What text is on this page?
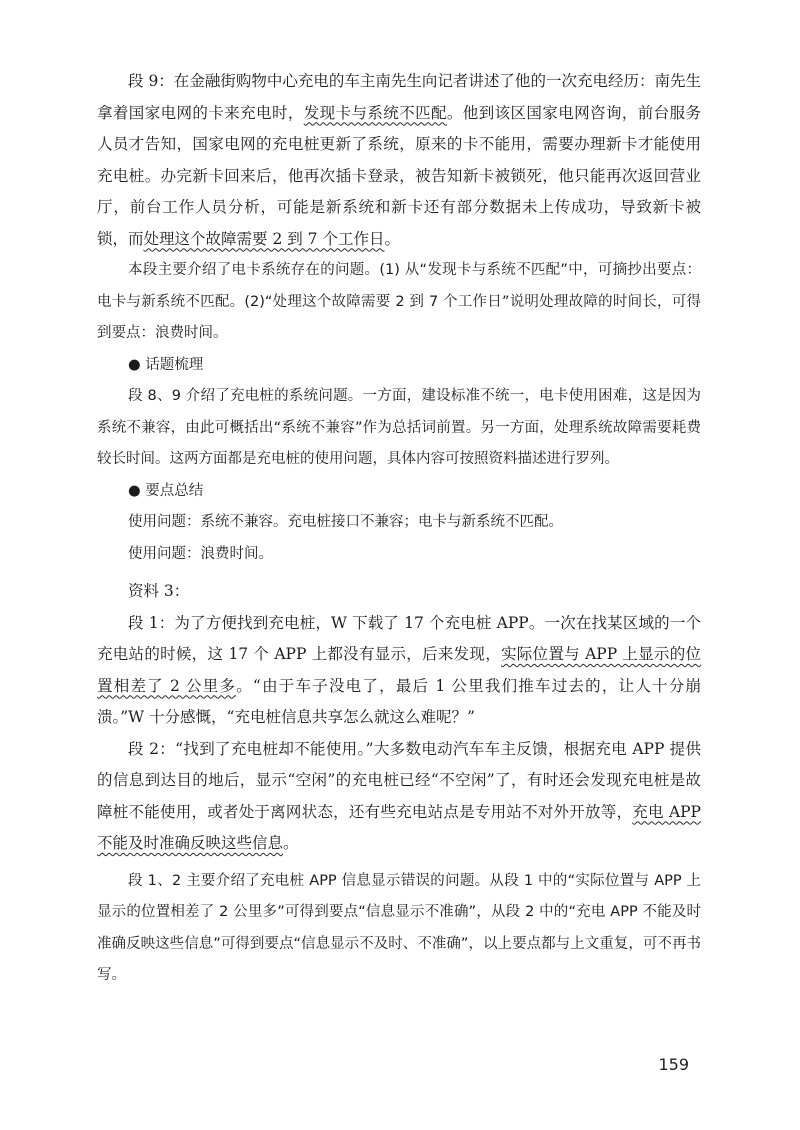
段 9：在金融街购物中心充电的车主南先生向记者讲述了他的一次充电经历：南先生拿着国家电网的卡来充电时，发现卡与系统不匹配。他到该区国家电网咨询，前台服务人员才告知，国家电网的充电桩更新了系统，原来的卡不能用，需要办理新卡才能使用充电桩。办完新卡回来后，他再次插卡登录，被告知新卡被锁死，他只能再次返回营业厅，前台工作人员分析，可能是新系统和新卡还有部分数据未上传成功，导致新卡被锁，而处理这个故障需要 2 到 7 个工作日。

本段主要介绍了电卡系统存在的问题。(1) 从“发现卡与系统不匹配”中，可摘抄出要点：电卡与新系统不匹配。(2)“处理这个故障需要 2 到 7 个工作日”说明处理故障的时间长，可得到要点：浪费时间。

● 话题梳理

段 8、9 介绍了充电桩的系统问题。一方面，建设标准不统一，电卡使用困难，这是因为系统不兼容，由此可概括出“系统不兼容”作为总括词前置。另一方面，处理系统故障需要耗费较长时间。这两方面都是充电桩的使用问题，具体内容可按照资料描述进行罗列。

● 要点总结

使用问题：系统不兼容。充电桩接口不兼容；电卡与新系统不匹配。

使用问题：浪费时间。

资料 3：

段 1：为了方便找到充电桩，W 下载了 17 个充电桩 APP。一次在找某区域的一个充电站的时候，这 17 个 APP 上都没有显示，后来发现，实际位置与 APP 上显示的位置相差了 2 公里多。“由于车子没电了，最后 1 公里我们推车过去的，让人十分崩溃。”W 十分感慨，“充电桩信息共享怎么就这么难呢？”

段 2：“找到了充电桩却不能使用。”大多数电动汽车车主反馈，根据充电 APP 提供的信息到达目的地后，显示“空闲”的充电桩已经“不空闲”了，有时还会发现充电桩是故障桩不能使用，或者处于离网状态，还有些充电站点是专用站不对外开放等，充电 APP 不能及时准确反映这些信息。

段 1、2 主要介绍了充电桩 APP 信息显示错误的问题。从段 1 中的“实际位置与 APP 上显示的位置相差了 2 公里多”可得到要点“信息显示不准确”，从段 2 中的“充电 APP 不能及时准确反映这些信息”可得到要点“信息显示不及时、不准确”，以上要点都与上文重复，可不再书写。

159
